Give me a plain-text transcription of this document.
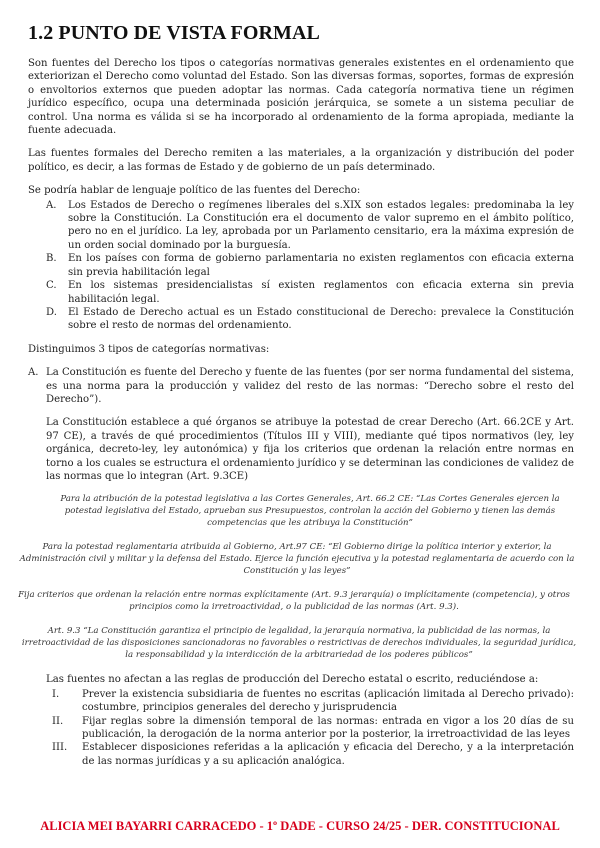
1.2 PUNTO DE VISTA FORMAL

Son fuentes del Derecho los tipos o categorías normativas generales existentes en el ordenamiento que exteriorizan el Derecho como voluntad del Estado. Son las diversas formas, soportes, formas de expresión o envoltorios externos que pueden adoptar las normas. Cada categoría normativa tiene un régimen jurídico específico, ocupa una determinada posición jerárquica, se somete a un sistema peculiar de control. Una norma es válida si se ha incorporado al ordenamiento de la forma apropiada, mediante la fuente adecuada.

Las fuentes formales del Derecho remiten a las materiales, a la organización y distribución del poder político, es decir, a las formas de Estado y de gobierno de un país determinado.

Se podría hablar de lenguaje político de las fuentes del Derecho:

A. Los Estados de Derecho o regímenes liberales del s.XIX son estados legales: predominaba la ley sobre la Constitución. La Constitución era el documento de valor supremo en el ámbito político, pero no en el jurídico. La ley, aprobada por un Parlamento censitario, era la máxima expresión de un orden social dominado por la burguesía.
B. En los países con forma de gobierno parlamentaria no existen reglamentos con eficacia externa sin previa habilitación legal
C. En los sistemas presidencialistas sí existen reglamentos con eficacia externa sin previa habilitación legal.
D. El Estado de Derecho actual es un Estado constitucional de Derecho: prevalece la Constitución sobre el resto de normas del ordenamiento.

Distinguimos 3 tipos de categorías normativas:

A. La Constitución es fuente del Derecho y fuente de las fuentes (por ser norma fundamental del sistema, es una norma para la producción y validez del resto de las normas: “Derecho sobre el resto del Derecho”).

La Constitución establece a qué órganos se atribuye la potestad de crear Derecho (Art. 66.2CE y Art. 97 CE), a través de qué procedimientos (Títulos III y VIII), mediante qué tipos normativos (ley, ley orgánica, decreto-ley, ley autonómica) y fija los criterios que ordenan la relación entre normas en torno a los cuales se estructura el ordenamiento jurídico y se determinan las condiciones de validez de las normas que lo integran (Art. 9.3CE)

Para la atribución de la potestad legislativa a las Cortes Generales, Art. 66.2 CE: “Las Cortes Generales ejercen la potestad legislativa del Estado, aprueban sus Presupuestos, controlan la acción del Gobierno y tienen las demás competencias que les atribuya la Constitución”

Para la potestad reglamentaria atribuida al Gobierno, Art.97 CE: “El Gobierno dirige la política interior y exterior, la Administración civil y militar y la defensa del Estado. Ejerce la función ejecutiva y la potestad reglamentaria de acuerdo con la Constitución y las leyes”

Fija criterios que ordenan la relación entre normas explícitamente (Art. 9.3 jerarquía) o implícitamente (competencia), y otros principios como la irretroactividad, o la publicidad de las normas (Art. 9.3).

Art. 9.3 “La Constitución garantiza el principio de legalidad, la jerarquía normativa, la publicidad de las normas, la irretroactividad de las disposiciones sancionadoras no favorables o restrictivas de derechos individuales, la seguridad jurídica, la responsabilidad y la interdicción de la arbitrariedad de los poderes públicos”

Las fuentes no afectan a las reglas de producción del Derecho estatal o escrito, reduciéndose a:

I. Prever la existencia subsidiaria de fuentes no escritas (aplicación limitada al Derecho privado): costumbre, principios generales del derecho y jurisprudencia
II. Fijar reglas sobre la dimensión temporal de las normas: entrada en vigor a los 20 días de su publicación, la derogación de la norma anterior por la posterior, la irretroactividad de las leyes
III. Establecer disposiciones referidas a la aplicación y eficacia del Derecho, y a la interpretación de las normas jurídicas y a su aplicación analógica.
ALICIA MEI BAYARRI CARRACEDO - 1º DADE - CURSO 24/25 - DER. CONSTITUCIONAL
